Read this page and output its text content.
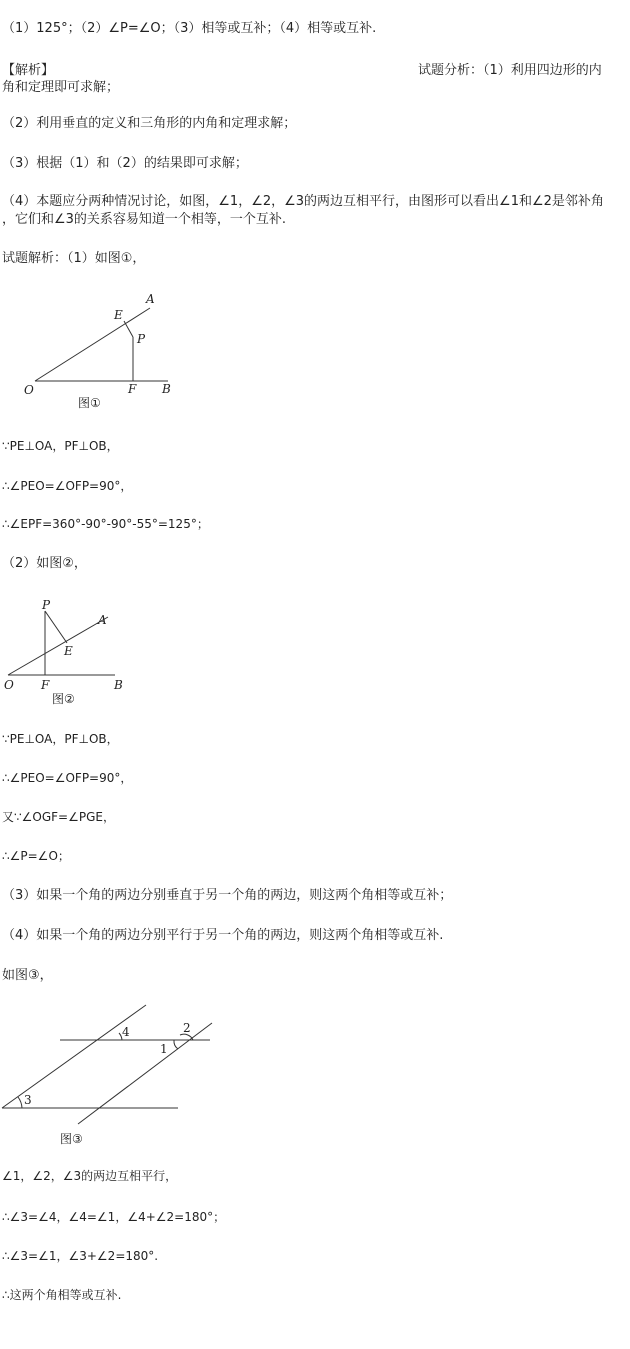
（1）125°；（2）∠P=∠O；（3）相等或互补；（4）相等或互补.
【解析】	试题分析：（1）利用四边形的内
角和定理即可求解；
（2）利用垂直的定义和三角形的内角和定理求解；
（3）根据（1）和（2）的结果即可求解；
（4）本题应分两种情况讨论，如图，∠1，∠2，∠3的两边互相平行，由图形可以看出∠1和∠2是邻补角
，它们和∠3的关系容易知道一个相等，一个互补.
试题解析：（1）如图①，
A
E
P
O	F B
图①
∵PE⊥OA，PF⊥OB，
∴∠PEO=∠OFP=90°，
∴∠EPF=360°-90°-90°-55°=125°；
（2）如图②，
P
A
E
O F	B
图②
∵PE⊥OA，PF⊥OB，
∴∠PEO=∠OFP=90°，
又∵∠OGF=∠PGE，
∴∠P=∠O；
（3）如果一个角的两边分别垂直于另一个角的两边，则这两个角相等或互补；
（4）如果一个角的两边分别平行于另一个角的两边，则这两个角相等或互补.
如图③，
3
4
1
2
图③
∠1，∠2，∠3的两边互相平行，
∴∠3=∠4，∠4=∠1，∠4+∠2=180°；
∴∠3=∠1，∠3+∠2=180°.
∴这两个角相等或互补.
